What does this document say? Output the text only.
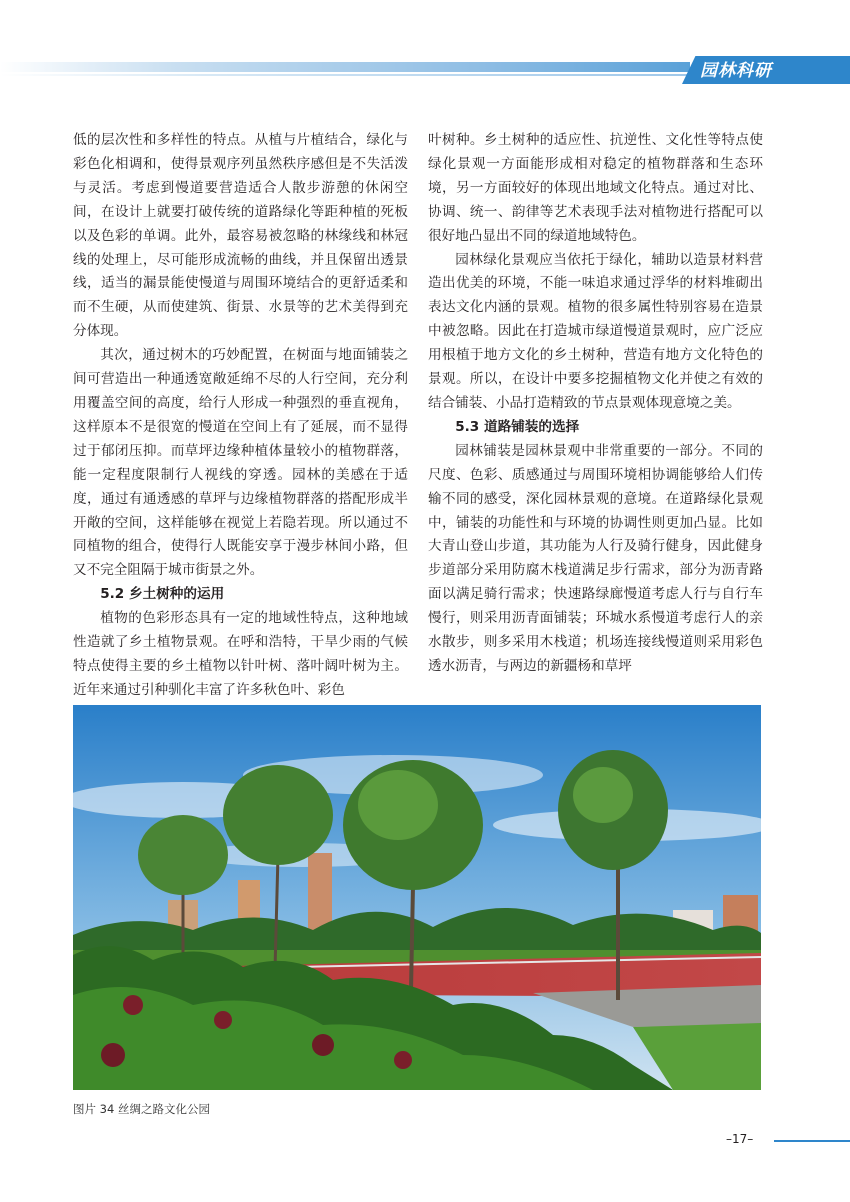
园林科研

低的层次性和多样性的特点。从植与片植结合，绿化与彩色化相调和，使得景观序列虽然秩序感但是不失活泼与灵活。考虑到慢道要营造适合人散步游憩的休闲空间，在设计上就要打破传统的道路绿化等距种植的死板以及色彩的单调。此外，最容易被忽略的林缘线和林冠线的处理上，尽可能形成流畅的曲线，并且保留出透景线，适当的漏景能使慢道与周围环境结合的更舒适柔和而不生硬，从而使建筑、街景、水景等的艺术美得到充分体现。

其次，通过树木的巧妙配置，在树面与地面铺装之间可营造出一种通透宽敞延绵不尽的人行空间，充分利用覆盖空间的高度，给行人形成一种强烈的垂直视角，这样原本不是很宽的慢道在空间上有了延展，而不显得过于郁闭压抑。而草坪边缘种植体量较小的植物群落，能一定程度限制行人视线的穿透。园林的美感在于适度，通过有通透感的草坪与边缘植物群落的搭配形成半开敞的空间，这样能够在视觉上若隐若现。所以通过不同植物的组合，使得行人既能安享于漫步林间小路，但又不完全阻隔于城市街景之外。

5.2 乡土树种的运用

植物的色彩形态具有一定的地域性特点，这种地域性造就了乡土植物景观。在呼和浩特，干旱少雨的气候特点使得主要的乡土植物以针叶树、落叶阔叶树为主。近年来通过引种驯化丰富了许多秋色叶、彩色

叶树种。乡土树种的适应性、抗逆性、文化性等特点使绿化景观一方面能形成相对稳定的植物群落和生态环境，另一方面较好的体现出地域文化特点。通过对比、协调、统一、韵律等艺术表现手法对植物进行搭配可以很好地凸显出不同的绿道地域特色。

园林绿化景观应当依托于绿化，辅助以造景材料营造出优美的环境，不能一味追求通过浮华的材料堆砌出表达文化内涵的景观。植物的很多属性特别容易在造景中被忽略。因此在打造城市绿道慢道景观时，应广泛应用根植于地方文化的乡土树种，营造有地方文化特色的景观。所以，在设计中要多挖掘植物文化并使之有效的结合铺装、小品打造精致的节点景观体现意境之美。

5.3 道路铺装的选择

园林铺装是园林景观中非常重要的一部分。不同的尺度、色彩、质感通过与周围环境相协调能够给人们传输不同的感受，深化园林景观的意境。在道路绿化景观中，铺装的功能性和与环境的协调性则更加凸显。比如大青山登山步道，其功能为人行及骑行健身，因此健身步道部分采用防腐木栈道满足步行需求，部分为沥青路面以满足骑行需求；快速路绿廊慢道考虑人行与自行车慢行，则采用沥青面铺装；环城水系慢道考虑行人的亲水散步，则多采用木栈道；机场连接线慢道则采用彩色透水沥青，与两边的新疆杨和草坪

图片 34 丝绸之路文化公园
–17–
